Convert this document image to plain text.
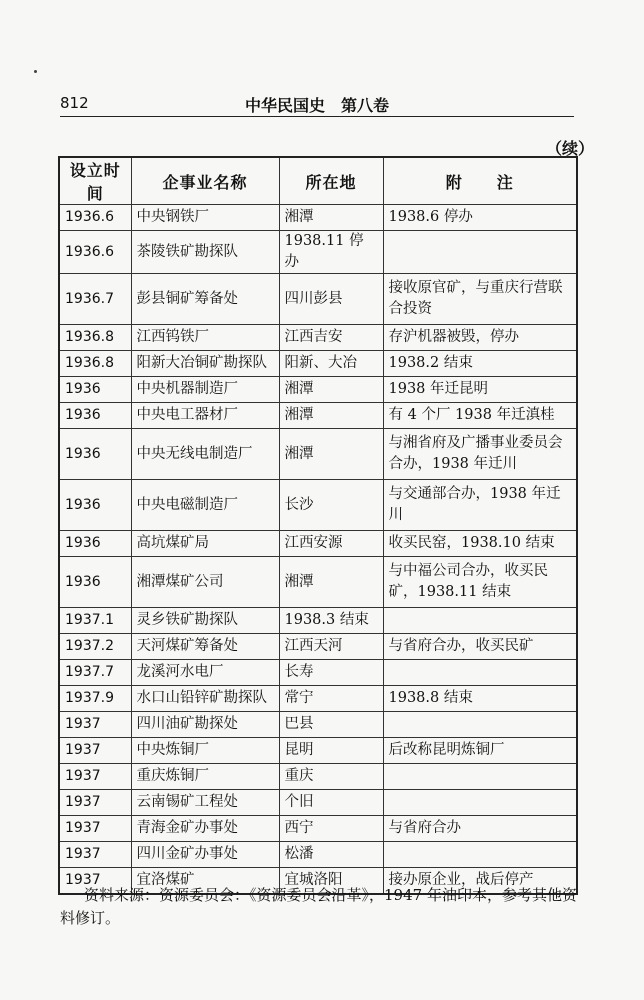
812	中华民国史　第八卷
（续）
设立时间	企事业名称	所在地	附　　注
1936.6	中央钢铁厂	湘潭	1938.6 停办
1936.6	茶陵铁矿勘探队	1938.11 停办	
1936.7	彭县铜矿筹备处	四川彭县	接收原官矿，与重庆行营联合投资
1936.8	江西钨铁厂	江西吉安	存沪机器被毁，停办
1936.8	阳新大冶铜矿勘探队	阳新、大冶	1938.2 结束
1936	中央机器制造厂	湘潭	1938 年迁昆明
1936	中央电工器材厂	湘潭	有 4 个厂 1938 年迁滇桂
1936	中央无线电制造厂	湘潭	与湘省府及广播事业委员会合办，1938 年迁川
1936	中央电磁制造厂	长沙	与交通部合办，1938 年迁川
1936	高坑煤矿局	江西安源	收买民窑，1938.10 结束
1936	湘潭煤矿公司	湘潭	与中福公司合办，收买民矿，1938.11 结束
1937.1	灵乡铁矿勘探队	1938.3 结束	
1937.2	天河煤矿筹备处	江西天河	与省府合办，收买民矿
1937.7	龙溪河水电厂	长寿	
1937.9	水口山铅锌矿勘探队	常宁	1938.8 结束
1937	四川油矿勘探处	巴县	
1937	中央炼铜厂	昆明	后改称昆明炼铜厂
1937	重庆炼铜厂	重庆	
1937	云南锡矿工程处	个旧	
1937	青海金矿办事处	西宁	与省府合办
1937	四川金矿办事处	松潘	
1937	宜洛煤矿	宜城洛阳	接办原企业，战后停产
资料来源：资源委员会：《资源委员会沿革》，1947 年油印本，参考其他资料修订。
